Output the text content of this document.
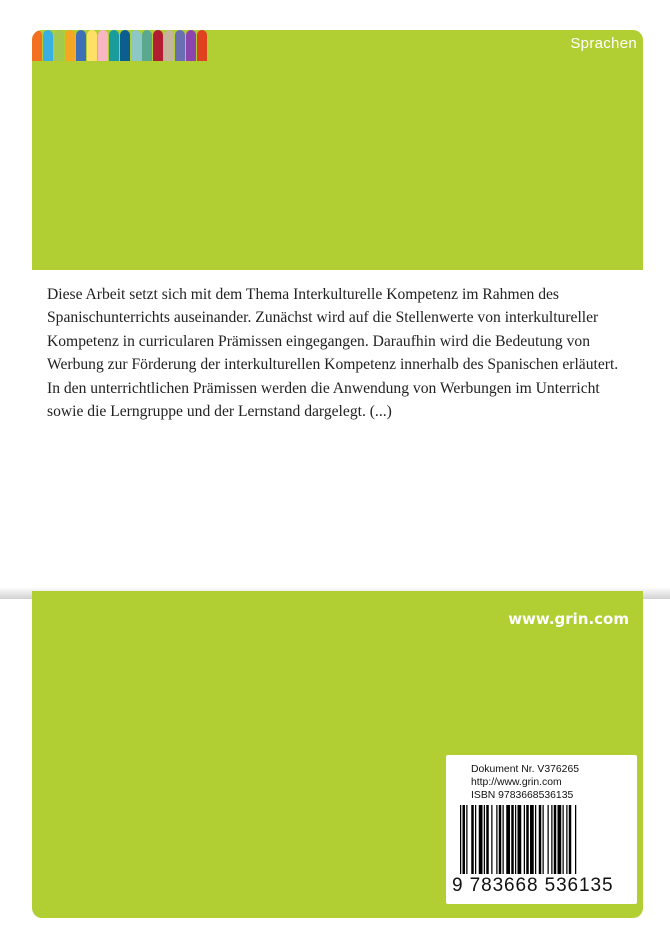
Sprachen

Diese Arbeit setzt sich mit dem Thema Interkulturelle Kompetenz im Rahmen des Spanischunterrichts auseinander. Zunächst wird auf die Stellenwerte von interkultureller Kompetenz in curricularen Prämissen eingegangen. Daraufhin wird die Bedeutung von Werbung zur Förderung der interkulturellen Kompetenz innerhalb des Spanischen erläutert. In den unterrichtlichen Prämissen werden die Anwendung von Werbungen im Unterricht sowie die Lerngruppe und der Lernstand dargelegt. (...)

www.grin.com
Dokument Nr. V376265
http://www.grin.com
ISBN 9783668536135
9 783668 536135
